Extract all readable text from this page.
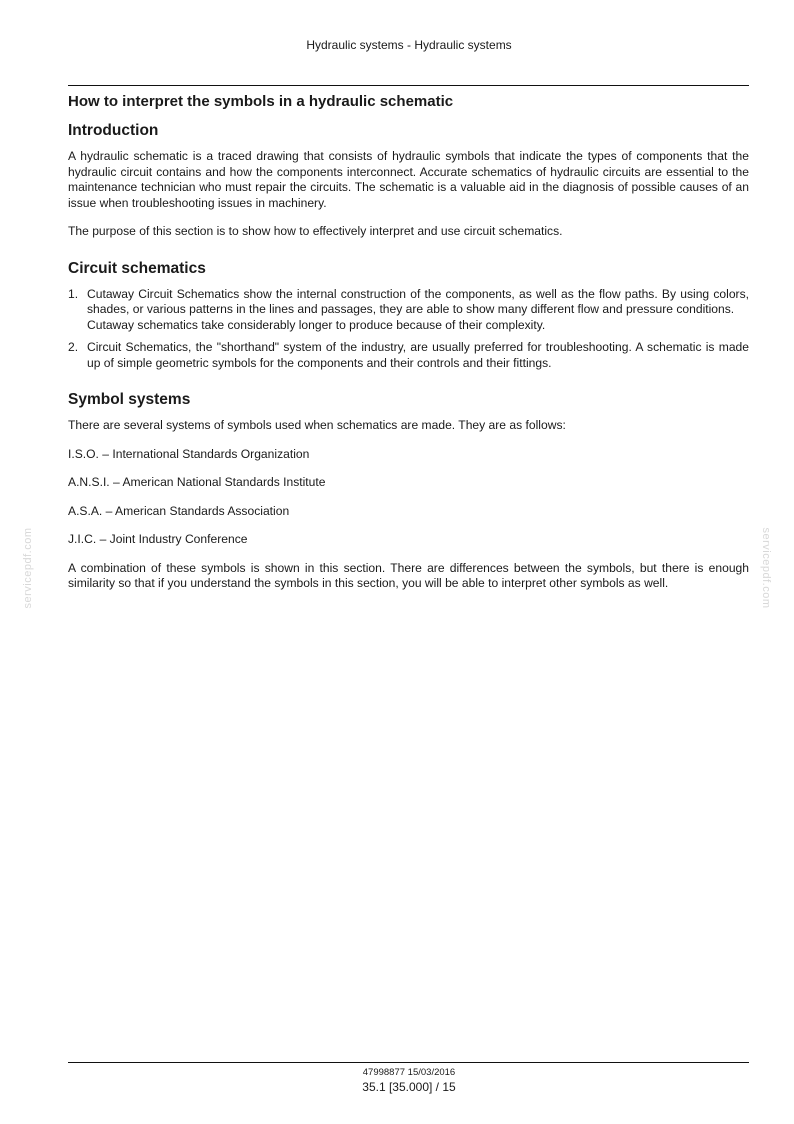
Hydraulic systems - Hydraulic systems
servicepdf.com	servicepdf.com
How to interpret the symbols in a hydraulic schematic
Introduction

A hydraulic schematic is a traced drawing that consists of hydraulic symbols that indicate the types of components that the hydraulic circuit contains and how the components interconnect. Accurate schematics of hydraulic circuits are essential to the maintenance technician who must repair the circuits. The schematic is a valuable aid in the diagnosis of possible causes of an issue when troubleshooting issues in machinery.

The purpose of this section is to show how to effectively interpret and use circuit schematics.

Circuit schematics
1. Cutaway Circuit Schematics show the internal construction of the components, as well as the flow paths. By using colors, shades, or various patterns in the lines and passages, they are able to show many different flow and pressure conditions.
Cutaway schematics take considerably longer to produce because of their complexity.
2. Circuit Schematics, the "shorthand" system of the industry, are usually preferred for troubleshooting. A schematic is made up of simple geometric symbols for the components and their controls and their fittings.
Symbol systems

There are several systems of symbols used when schematics are made. They are as follows:

I.S.O. – International Standards Organization

A.N.S.I. – American National Standards Institute

A.S.A. – American Standards Association

J.I.C. – Joint Industry Conference

A combination of these symbols is shown in this section. There are differences between the symbols, but there is enough similarity so that if you understand the symbols in this section, you will be able to interpret other symbols as well.

47998877 15/03/2016
35.1 [35.000] / 15
